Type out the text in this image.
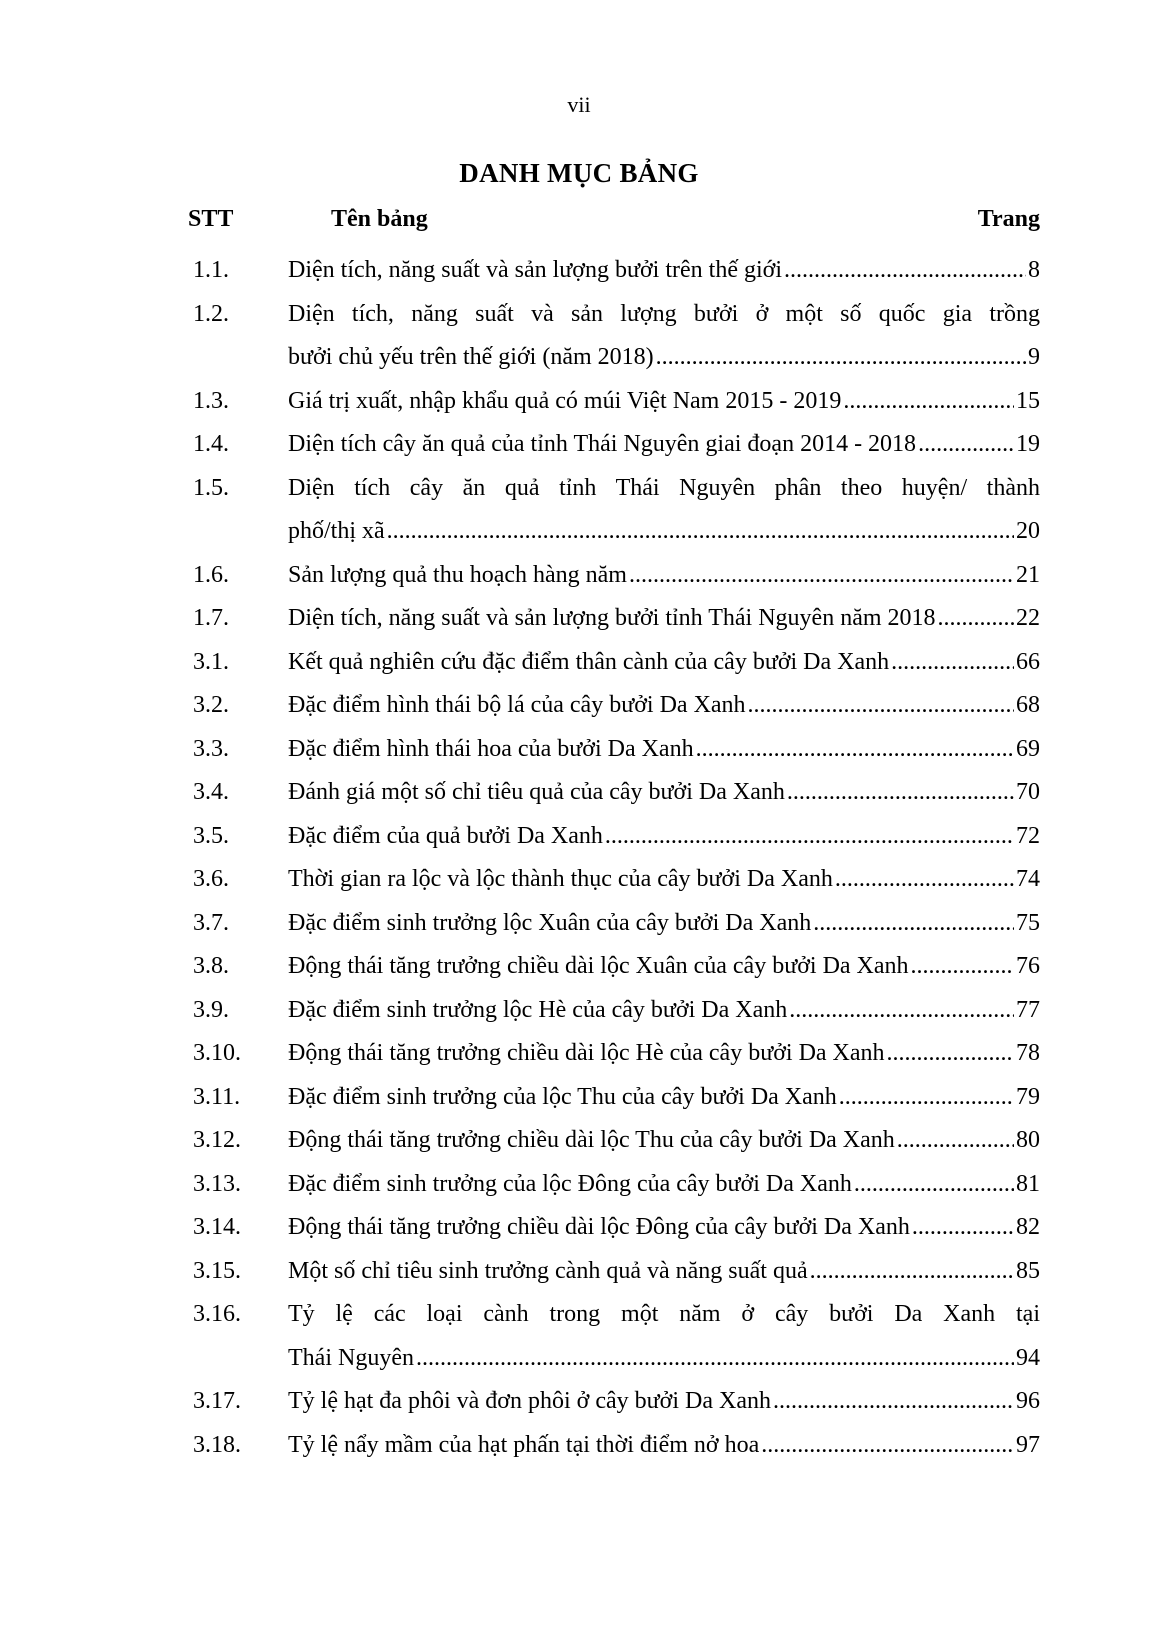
vii
DANH MỤC BẢNG
STT	Tên bảng	Trang
1.1. Diện tích, năng suất và sản lượng bưởi trên thế giới .....	8
1.2. Diện tích, năng suất và sản lượng bưởi ở một số quốc gia trồng
bưởi chủ yếu trên thế giới (năm 2018) .....	9
1.3. Giá trị xuất, nhập khẩu quả có múi Việt Nam 2015 - 2019 .....	15
1.4. Diện tích cây ăn quả của tỉnh Thái Nguyên giai đoạn 2014 - 2018 .....	19
1.5. Diện tích cây ăn quả tỉnh Thái Nguyên phân theo huyện/ thành
phố/thị xã .....	20
1.6. Sản lượng quả thu hoạch hàng năm .....	21
1.7. Diện tích, năng suất và sản lượng bưởi tỉnh Thái Nguyên năm 2018 .....	22
3.1. Kết quả nghiên cứu đặc điểm thân cành của cây bưởi Da Xanh .....	66
3.2. Đặc điểm hình thái bộ lá của cây bưởi Da Xanh .....	68
3.3. Đặc điểm hình thái hoa của bưởi Da Xanh .....	69
3.4. Đánh giá một số chỉ tiêu quả của cây bưởi Da Xanh .....	70
3.5. Đặc điểm của quả bưởi Da Xanh .....	72
3.6. Thời gian ra lộc và lộc thành thục của cây bưởi Da Xanh .....	74
3.7. Đặc điểm sinh trưởng lộc Xuân của cây bưởi Da Xanh .....	75
3.8. Động thái tăng trưởng chiều dài lộc Xuân của cây bưởi Da Xanh .....	76
3.9. Đặc điểm sinh trưởng lộc Hè của cây bưởi Da Xanh .....	77
3.10. Động thái tăng trưởng chiều dài lộc Hè của cây bưởi Da Xanh .....	78
3.11. Đặc điểm sinh trưởng của lộc Thu của cây bưởi Da Xanh .....	79
3.12. Động thái tăng trưởng chiều dài lộc Thu của cây bưởi Da Xanh .....	80
3.13. Đặc điểm sinh trưởng của lộc Đông của cây bưởi Da Xanh .....	81
3.14. Động thái tăng trưởng chiều dài lộc Đông của cây bưởi Da Xanh .....	82
3.15. Một số chỉ tiêu sinh trưởng cành quả và năng suất quả .....	85
3.16. Tỷ lệ các loại cành trong một năm ở cây bưởi Da Xanh tại
Thái Nguyên .....	94
3.17. Tỷ lệ hạt đa phôi và đơn phôi ở cây bưởi Da Xanh .....	96
3.18. Tỷ lệ nẩy mầm của hạt phấn tại thời điểm nở hoa .....	97
